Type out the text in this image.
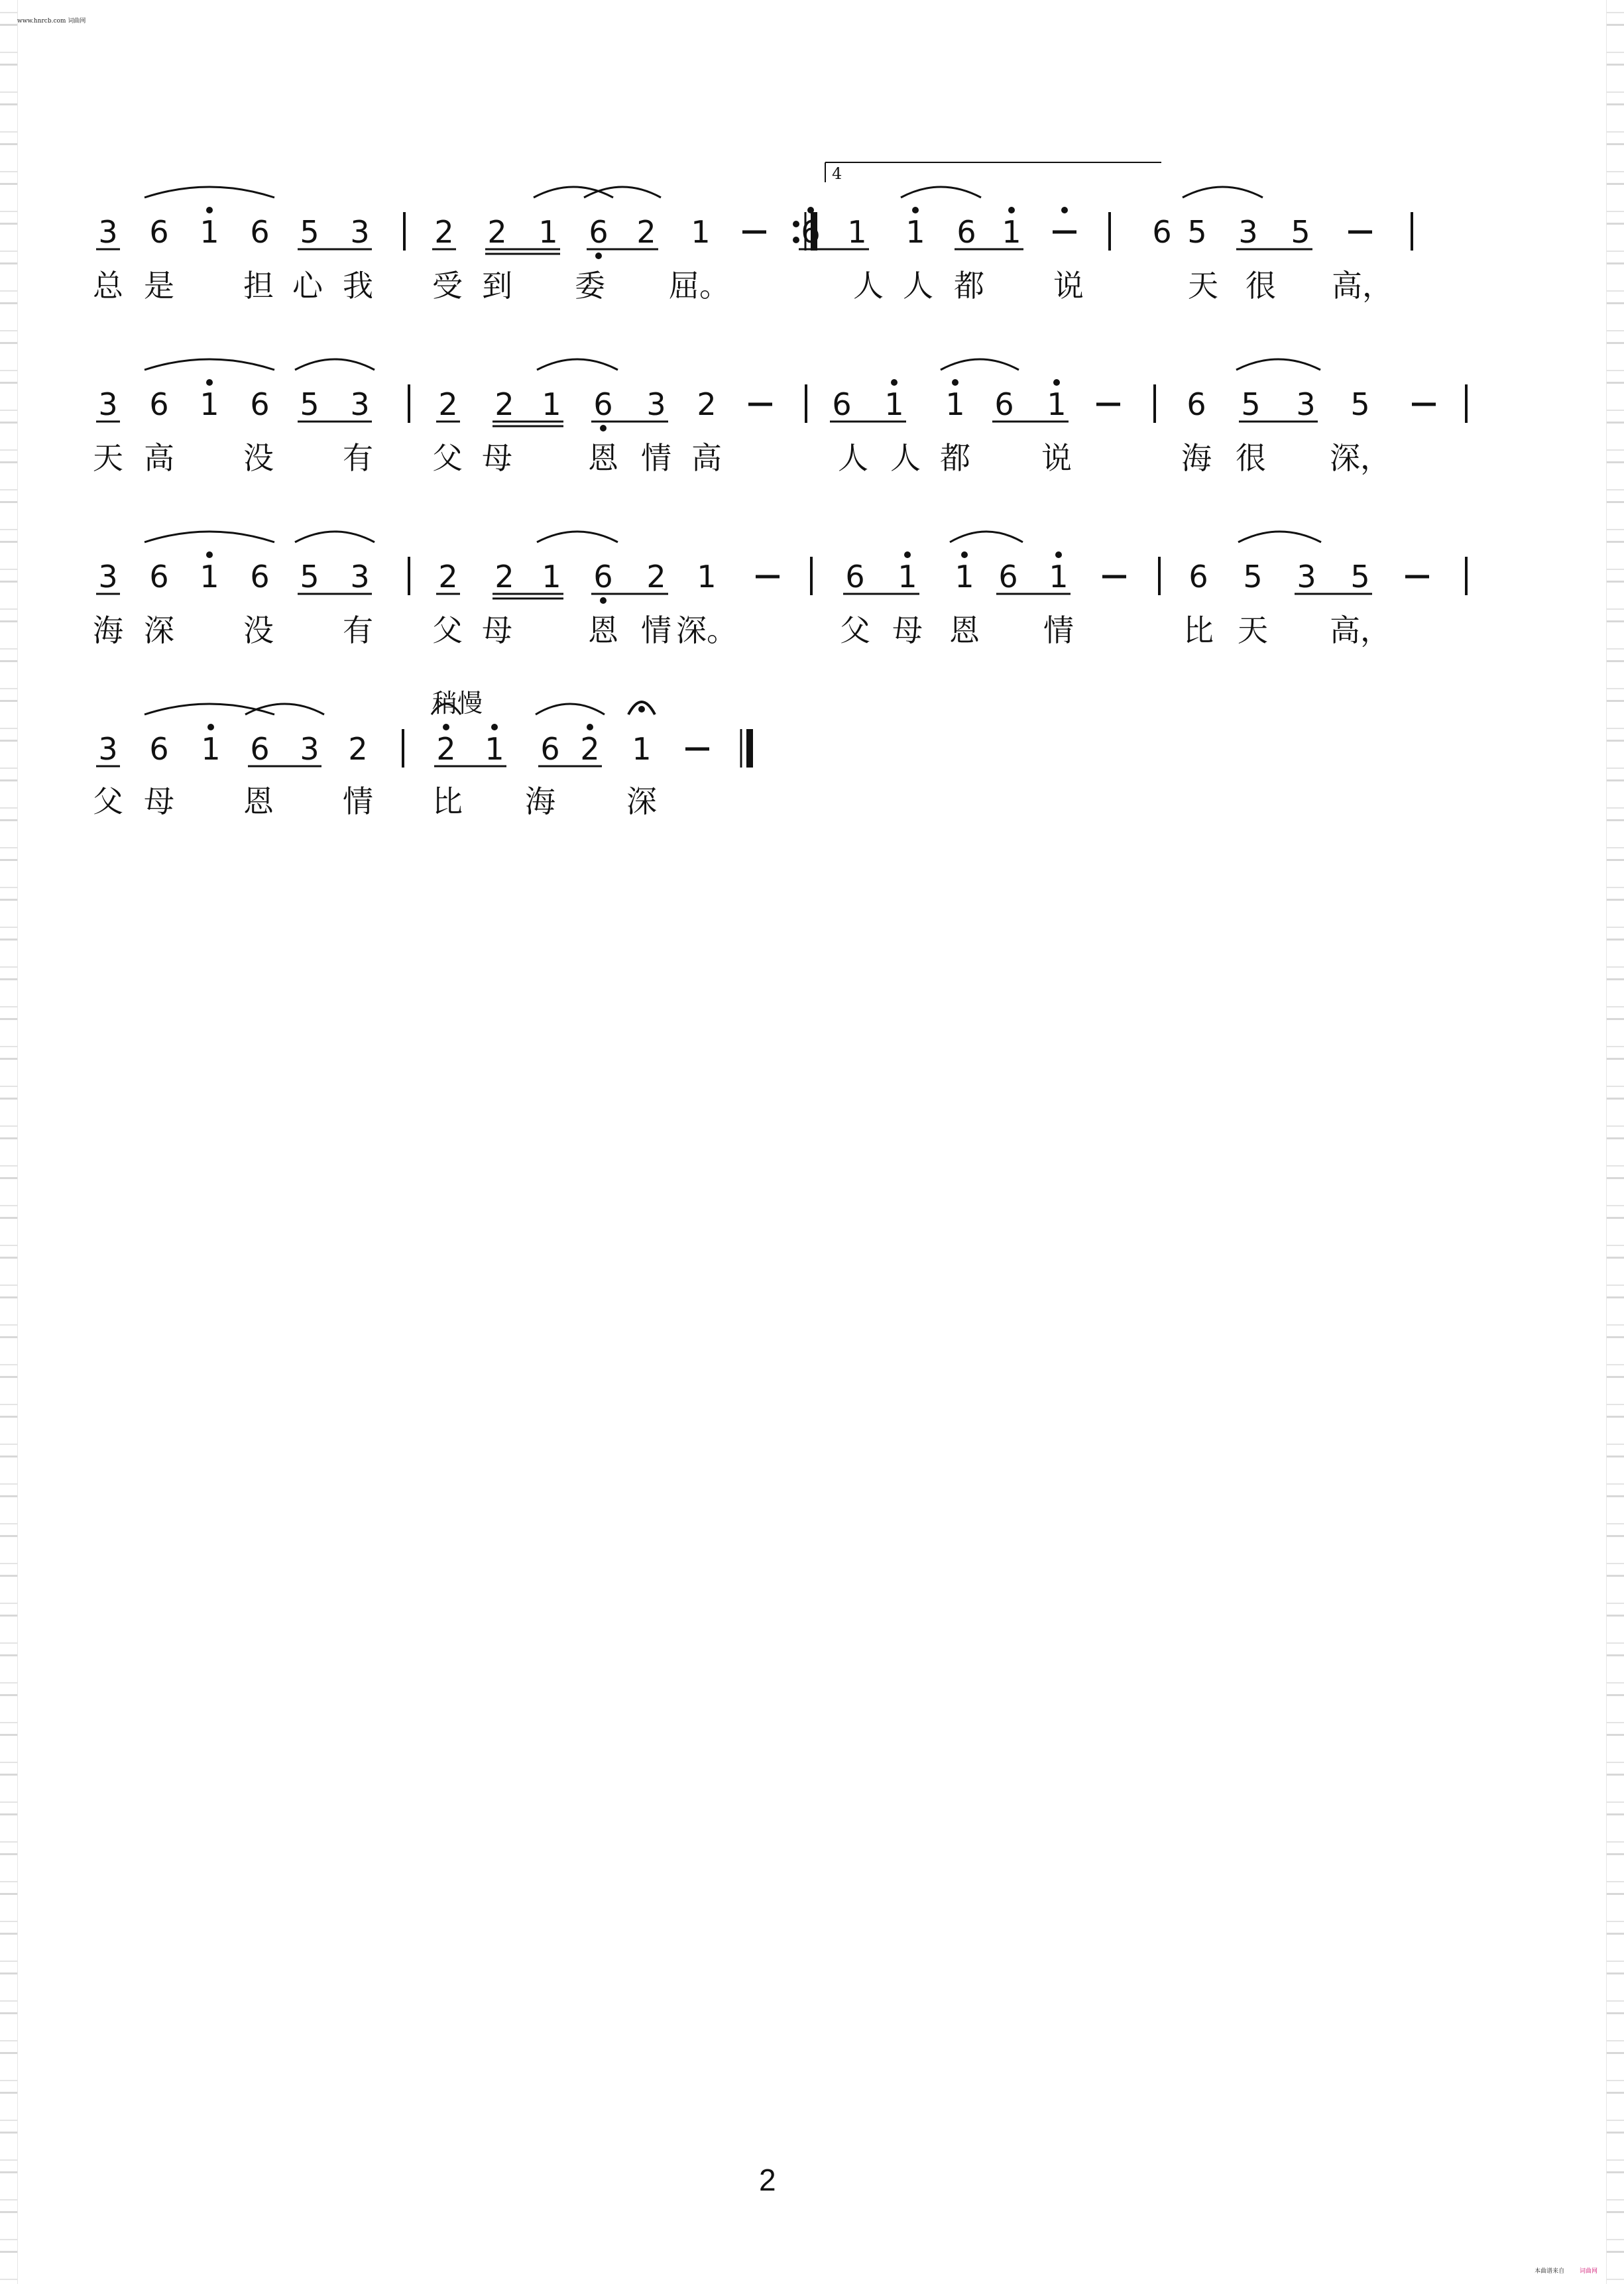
www.hnrcb.com 词曲网
4
稍慢
2
本曲谱来自	词曲网
3 6 1 6 5 3 2 2 1 6 2 1	6 1 1 6 1	6 5 3 5
总 是 担 心 我 受 到 委 屈。	人 人 都 说	天 很 高，
3 6 1 6 5 3 2 2 1 6 3 2	6 1 1 6 1	6 5 3 5
天 高 没 有 父 母 恩 情 高	人 人 都 说	海 很 深，
3 6 1 6 5 3 2 2 1 6 2 1	6 1 1 6 1	6 5 3 5
海 深 没 有 父 母 恩 情 深。	父 母 恩 情	比 天 高，
3 6 1 6 3 2 2 1 6 2 1
父 母 恩 情 比 海 深
